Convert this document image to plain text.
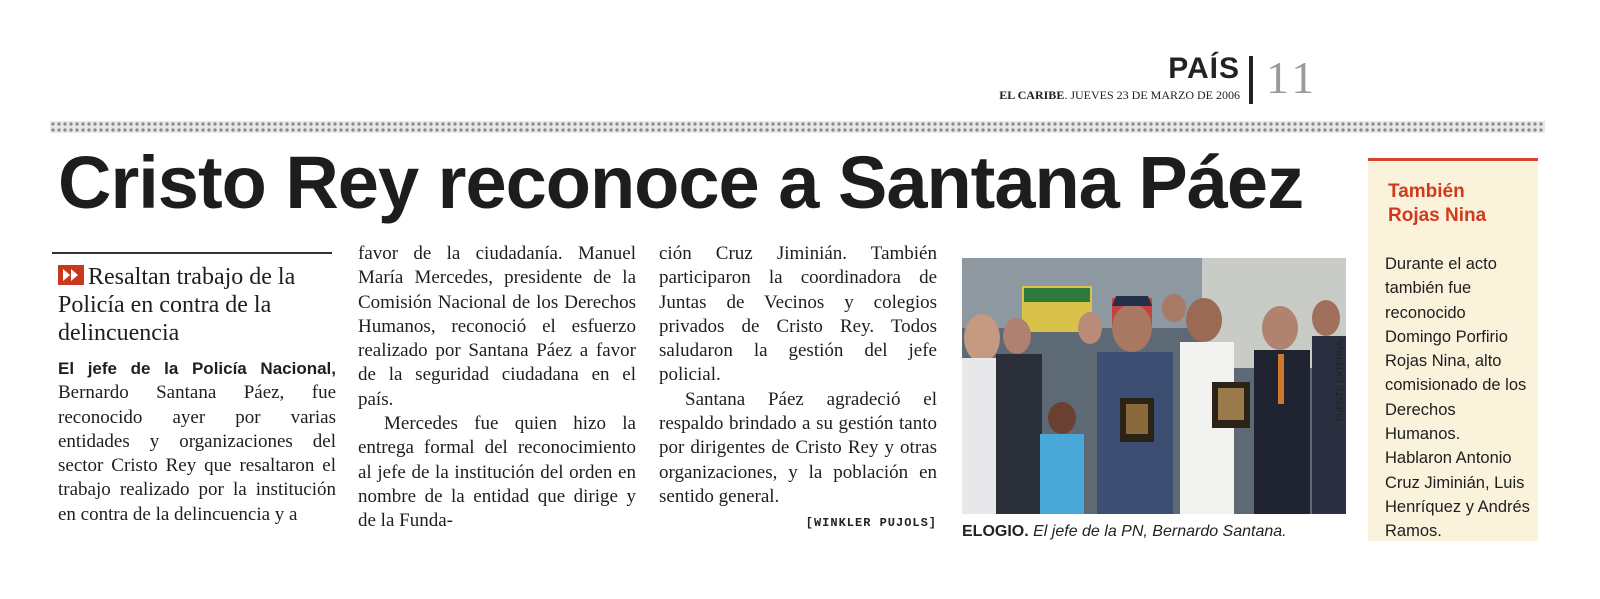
PAÍS
EL CARIBE. JUEVES 23 DE MARZO DE 2006 11
Cristo Rey reconoce a Santana Páez
Resaltan trabajo de la Policía en contra de la delincuencia

El jefe de la Policía Nacional, Bernardo Santana Páez, fue reconocido ayer por varias entidades y organizaciones del sector Cristo Rey que resaltaron el trabajo realizado por la institución en contra de la delincuencia y a

favor de la ciudadanía. Manuel María Mercedes, presidente de la Comisión Nacional de los Derechos Humanos, reconoció el esfuerzo realizado por Santana Páez a favor de la seguridad ciudadana en el país.

Mercedes fue quien hizo la entrega formal del reconocimiento al jefe de la institución del orden en nombre de la entidad que dirige y de la Funda-

ción Cruz Jiminián. También participaron la coordinadora de Juntas de Vecinos y colegios privados de Cristo Rey. Todos saludaron la gestión del jefe policial.

Santana Páez agradeció el respaldo brindado a su gestión tanto por dirigentes de Cristo Rey y otras organizaciones, y la población en sentido general.

[WINKLER PUJOLS]
FUENTE EXTERNA
ELOGIO. El jefe de la PN, Bernardo Santana.
También
Rojas Nina

Durante el acto también fue reconocido Domingo Porfirio Rojas Nina, alto comisionado de los Derechos Humanos. Hablaron Antonio Cruz Jiminián, Luis Henríquez y Andrés Ramos.
